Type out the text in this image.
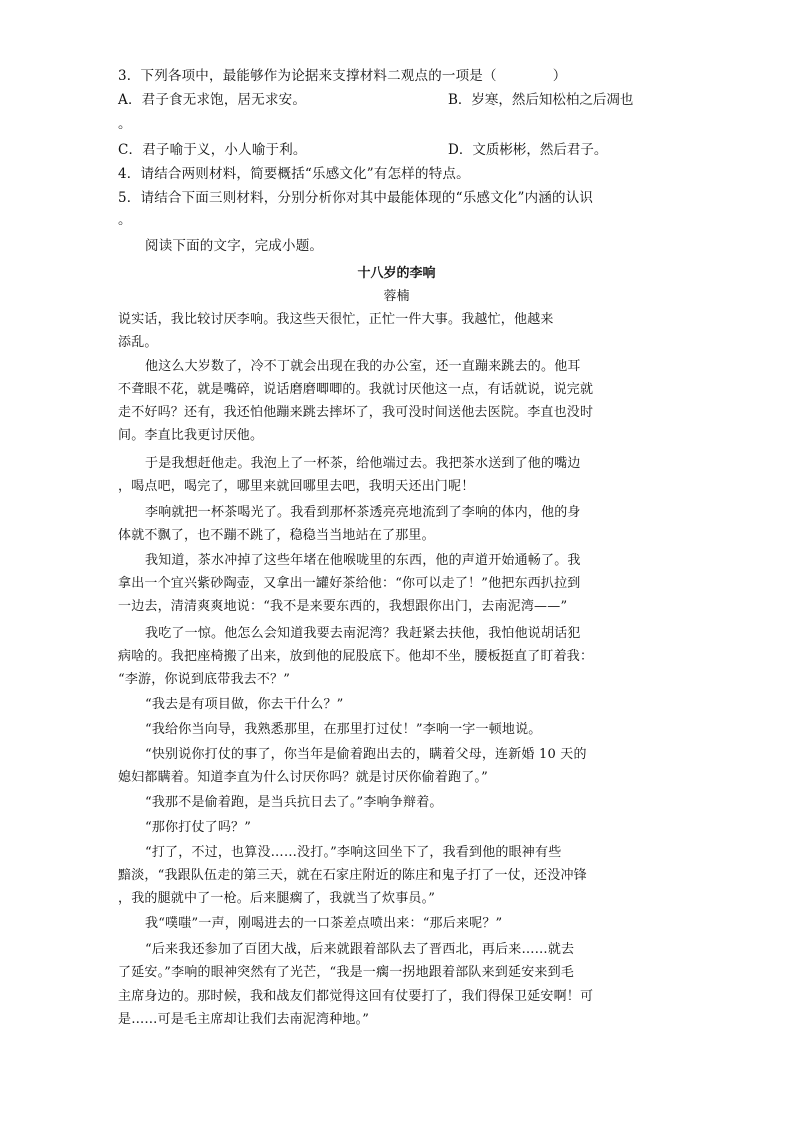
3．下列各项中，最能够作为论据来支撑材料二观点的一项是（	）
A．君子食无求饱，居无求安。	B．岁寒，然后知松柏之后凋也
。
C．君子喻于义，小人喻于利。	D．文质彬彬，然后君子。
4．请结合两则材料，简要概括“乐感文化”有怎样的特点。
5．请结合下面三则材料，分别分析你对其中最能体现的“乐感文化”内涵的认识
。
阅读下面的文字，完成小题。
十八岁的李响
蓉楠
说实话，我比较讨厌李响。我这些天很忙，正忙一件大事。我越忙，他越来
添乱。
他这么大岁数了，冷不丁就会出现在我的办公室，还一直蹦来跳去的。他耳
不聋眼不花，就是嘴碎，说话磨磨唧唧的。我就讨厌他这一点，有话就说，说完就
走不好吗？还有，我还怕他蹦来跳去摔坏了，我可没时间送他去医院。李直也没时
间。李直比我更讨厌他。
于是我想赶他走。我泡上了一杯茶，给他端过去。我把茶水送到了他的嘴边
，喝点吧，喝完了，哪里来就回哪里去吧，我明天还出门呢！
李响就把一杯茶喝光了。我看到那杯茶透亮亮地流到了李响的体内，他的身
体就不飘了，也不蹦不跳了，稳稳当当地站在了那里。
我知道，茶水冲掉了这些年堵在他喉咙里的东西，他的声道开始通畅了。我
拿出一个宜兴紫砂陶壶，又拿出一罐好茶给他：“你可以走了！”他把东西扒拉到
一边去，清清爽爽地说：“我不是来要东西的，我想跟你出门，去南泥湾——”
我吃了一惊。他怎么会知道我要去南泥湾？我赶紧去扶他，我怕他说胡话犯
病啥的。我把座椅搬了出来，放到他的屁股底下。他却不坐，腰板挺直了盯着我：
“李游，你说到底带我去不？”
“我去是有项目做，你去干什么？”
“我给你当向导，我熟悉那里，在那里打过仗！”李响一字一顿地说。
“快别说你打仗的事了，你当年是偷着跑出去的，瞒着父母，连新婚 10 天的
媳妇都瞒着。知道李直为什么讨厌你吗？就是讨厌你偷着跑了。”
“我那不是偷着跑，是当兵抗日去了。”李响争辩着。
“那你打仗了吗？”
“打了，不过，也算没……没打。”李响这回坐下了，我看到他的眼神有些
黯淡，“我跟队伍走的第三天，就在石家庄附近的陈庄和鬼子打了一仗，还没冲锋
，我的腿就中了一枪。后来腿瘸了，我就当了炊事员。”
我“噗嗤”一声，刚喝进去的一口茶差点喷出来：“那后来呢？”
“后来我还参加了百团大战，后来就跟着部队去了晋西北，再后来……就去
了延安。”李响的眼神突然有了光芒，“我是一瘸一拐地跟着部队来到延安来到毛
主席身边的。那时候，我和战友们都觉得这回有仗要打了，我们得保卫延安啊！可
是……可是毛主席却让我们去南泥湾种地。”
